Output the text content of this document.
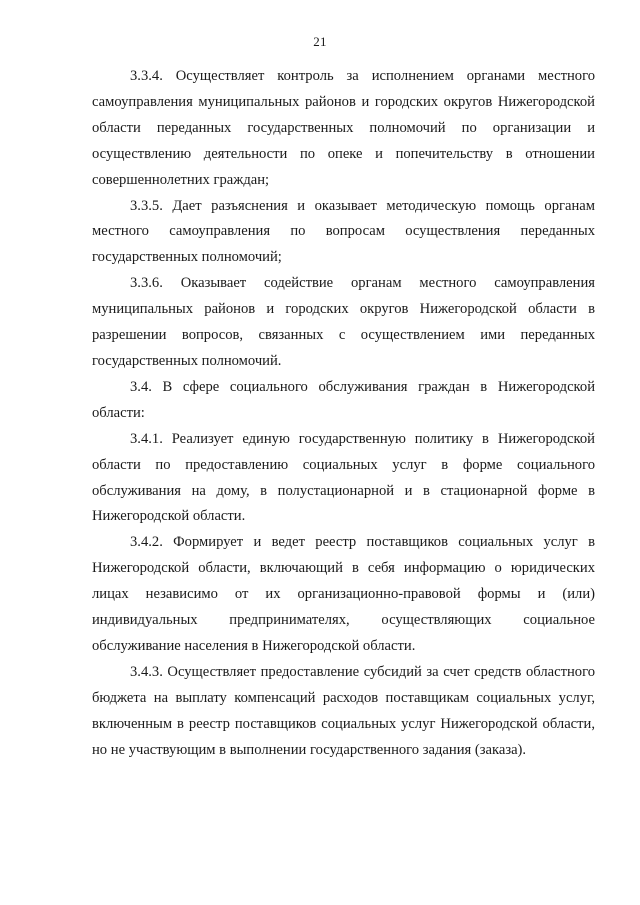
21

3.3.4. Осуществляет контроль за исполнением органами местного самоуправления муниципальных районов и городских округов Нижегородской области переданных государственных полномочий по организации и осуществлению деятельности по опеке и попечительству в отношении совершеннолетних граждан;

3.3.5. Дает разъяснения и оказывает методическую помощь органам местного самоуправления по вопросам осуществления переданных государственных полномочий;

3.3.6. Оказывает содействие органам местного самоуправления муниципальных районов и городских округов Нижегородской области в разрешении вопросов, связанных с осуществлением ими переданных государственных полномочий.

3.4. В сфере социального обслуживания граждан в Нижегородской области:

3.4.1. Реализует единую государственную политику в Нижегородской области по предоставлению социальных услуг в форме социального обслуживания на дому, в полустационарной и в стационарной форме в Нижегородской области.

3.4.2. Формирует и ведет реестр поставщиков социальных услуг в Нижегородской области, включающий в себя информацию о юридических лицах независимо от их организационно-правовой формы и (или) индивидуальных предпринимателях, осуществляющих социальное обслуживание населения в Нижегородской области.

3.4.3. Осуществляет предоставление субсидий за счет средств областного бюджета на выплату компенсаций расходов поставщикам социальных услуг, включенным в реестр поставщиков социальных услуг Нижегородской области, но не участвующим в выполнении государственного задания (заказа).
